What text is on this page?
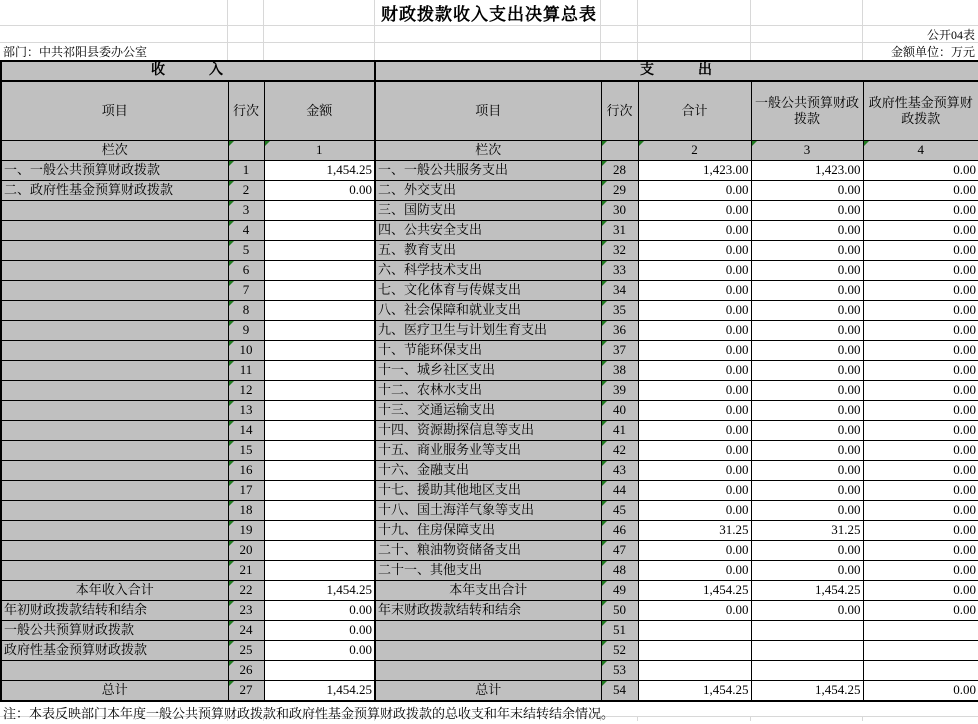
财政拨款收入支出决算总表
公开04表
部门：中共祁阳县委办公室	金额单位：万元
收入			支出				
项目	行次	金额	项目	行次	合计	一般公共预算财政拨款	政府性基金预算财政拨款
栏次		1	栏次		2	3	4
一、一般公共预算财政拨款	1	1,454.25	一、一般公共服务支出	28	1,423.00	1,423.00	0.00
二、政府性基金预算财政拨款	2	0.00	二、外交支出	29	0.00	0.00	0.00
	3		三、国防支出	30	0.00	0.00	0.00
	4		四、公共安全支出	31	0.00	0.00	0.00
	5		五、教育支出	32	0.00	0.00	0.00
	6		六、科学技术支出	33	0.00	0.00	0.00
	7		七、文化体育与传媒支出	34	0.00	0.00	0.00
	8		八、社会保障和就业支出	35	0.00	0.00	0.00
	9		九、医疗卫生与计划生育支出	36	0.00	0.00	0.00
	10		十、节能环保支出	37	0.00	0.00	0.00
	11		十一、城乡社区支出	38	0.00	0.00	0.00
	12		十二、农林水支出	39	0.00	0.00	0.00
	13		十三、交通运输支出	40	0.00	0.00	0.00
	14		十四、资源勘探信息等支出	41	0.00	0.00	0.00
	15		十五、商业服务业等支出	42	0.00	0.00	0.00
	16		十六、金融支出	43	0.00	0.00	0.00
	17		十七、援助其他地区支出	44	0.00	0.00	0.00
	18		十八、国土海洋气象等支出	45	0.00	0.00	0.00
	19		十九、住房保障支出	46	31.25	31.25	0.00
	20		二十、粮油物资储备支出	47	0.00	0.00	0.00
	21		二十一、其他支出	48	0.00	0.00	0.00
本年收入合计	22	1,454.25	本年支出合计	49	1,454.25	1,454.25	0.00
年初财政拨款结转和结余	23	0.00	年末财政拨款结转和结余	50	0.00	0.00	0.00
一般公共预算财政拨款	24	0.00		51			
政府性基金预算财政拨款	25	0.00		52			
	26			53			
总计	27	1,454.25	总计	54	1,454.25	1,454.25	0.00
注：本表反映部门本年度一般公共预算财政拨款和政府性基金预算财政拨款的总收支和年末结转结余情况。
